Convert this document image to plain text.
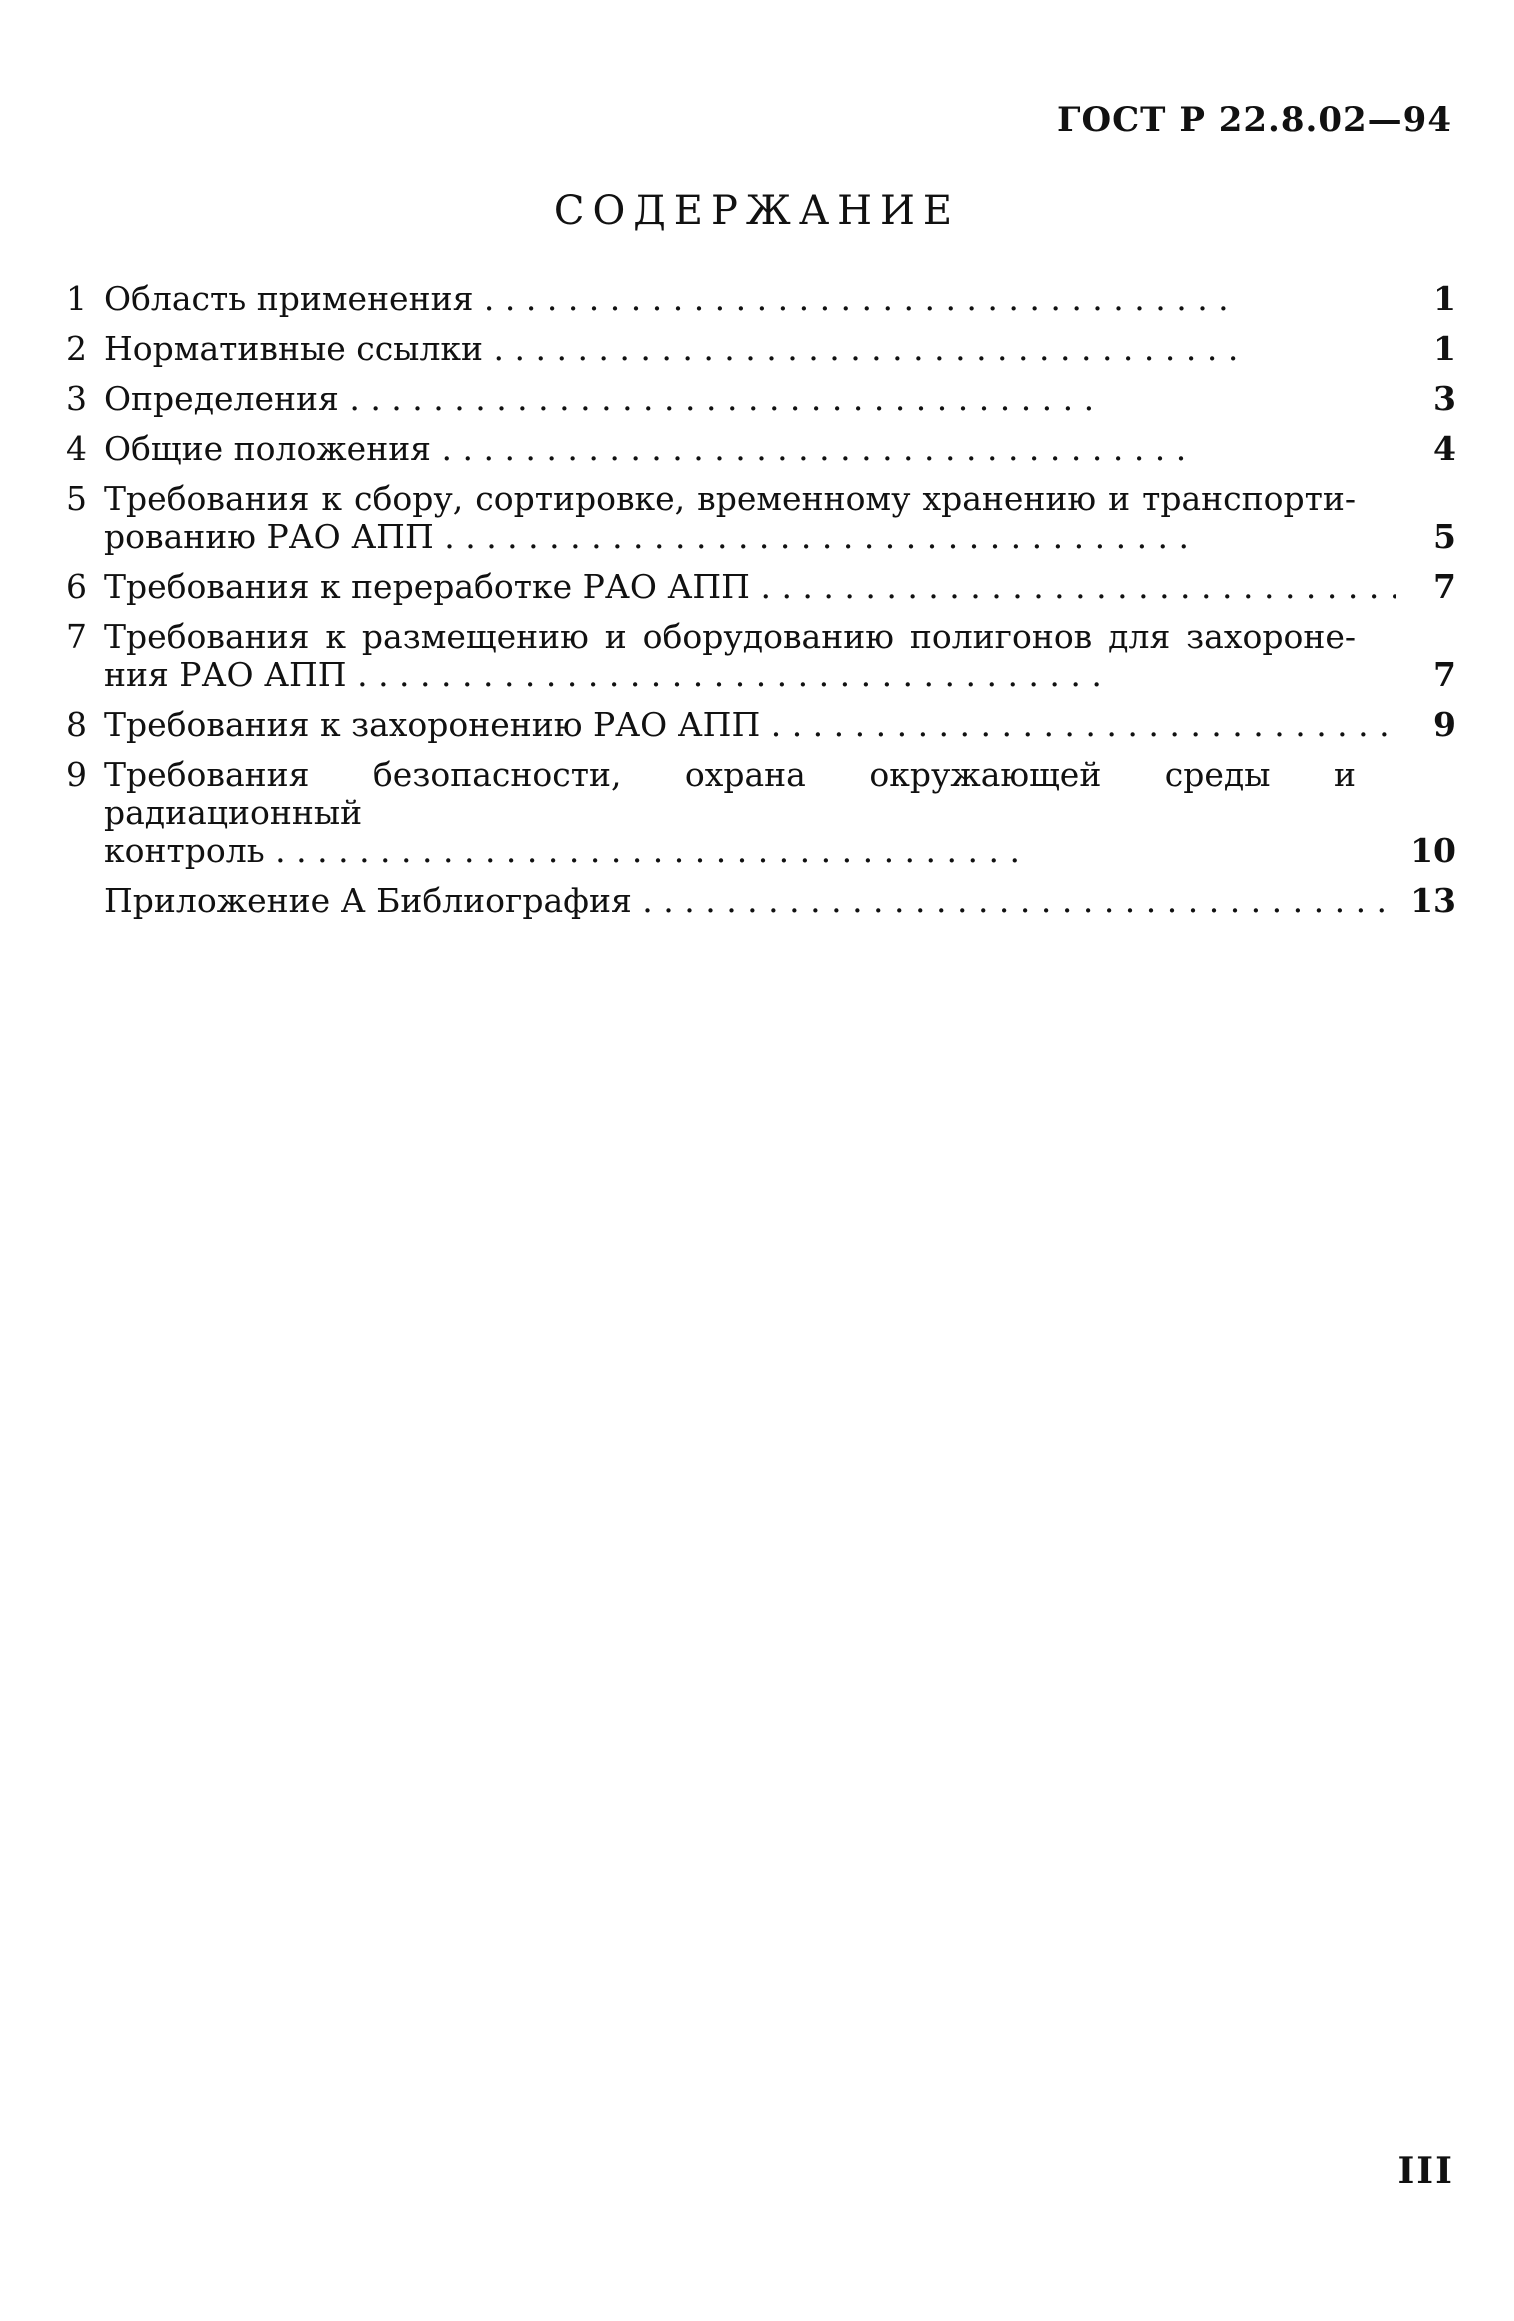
ГОСТ Р 22.8.02—94
СОДЕРЖАНИЕ
1 Область применения . .	1
2 Нормативные ссылки . .	1
3 Определения . .	3
4 Общие положения . .	4
5 Требования к сбору, сортировке, временному хранению и транспорти-
рованию РАО АПП . .	5
6 Требования к переработке РАО АПП . .	7
7 Требования к размещению и оборудованию полигонов для захороне-
ния РАО АПП . .	7
8 Требования к захоронению РАО АПП . .	9
9 Требования безопасности, охрана окружающей среды и радиационный
контроль . .	10
Приложение А Библиография . .	13
III
